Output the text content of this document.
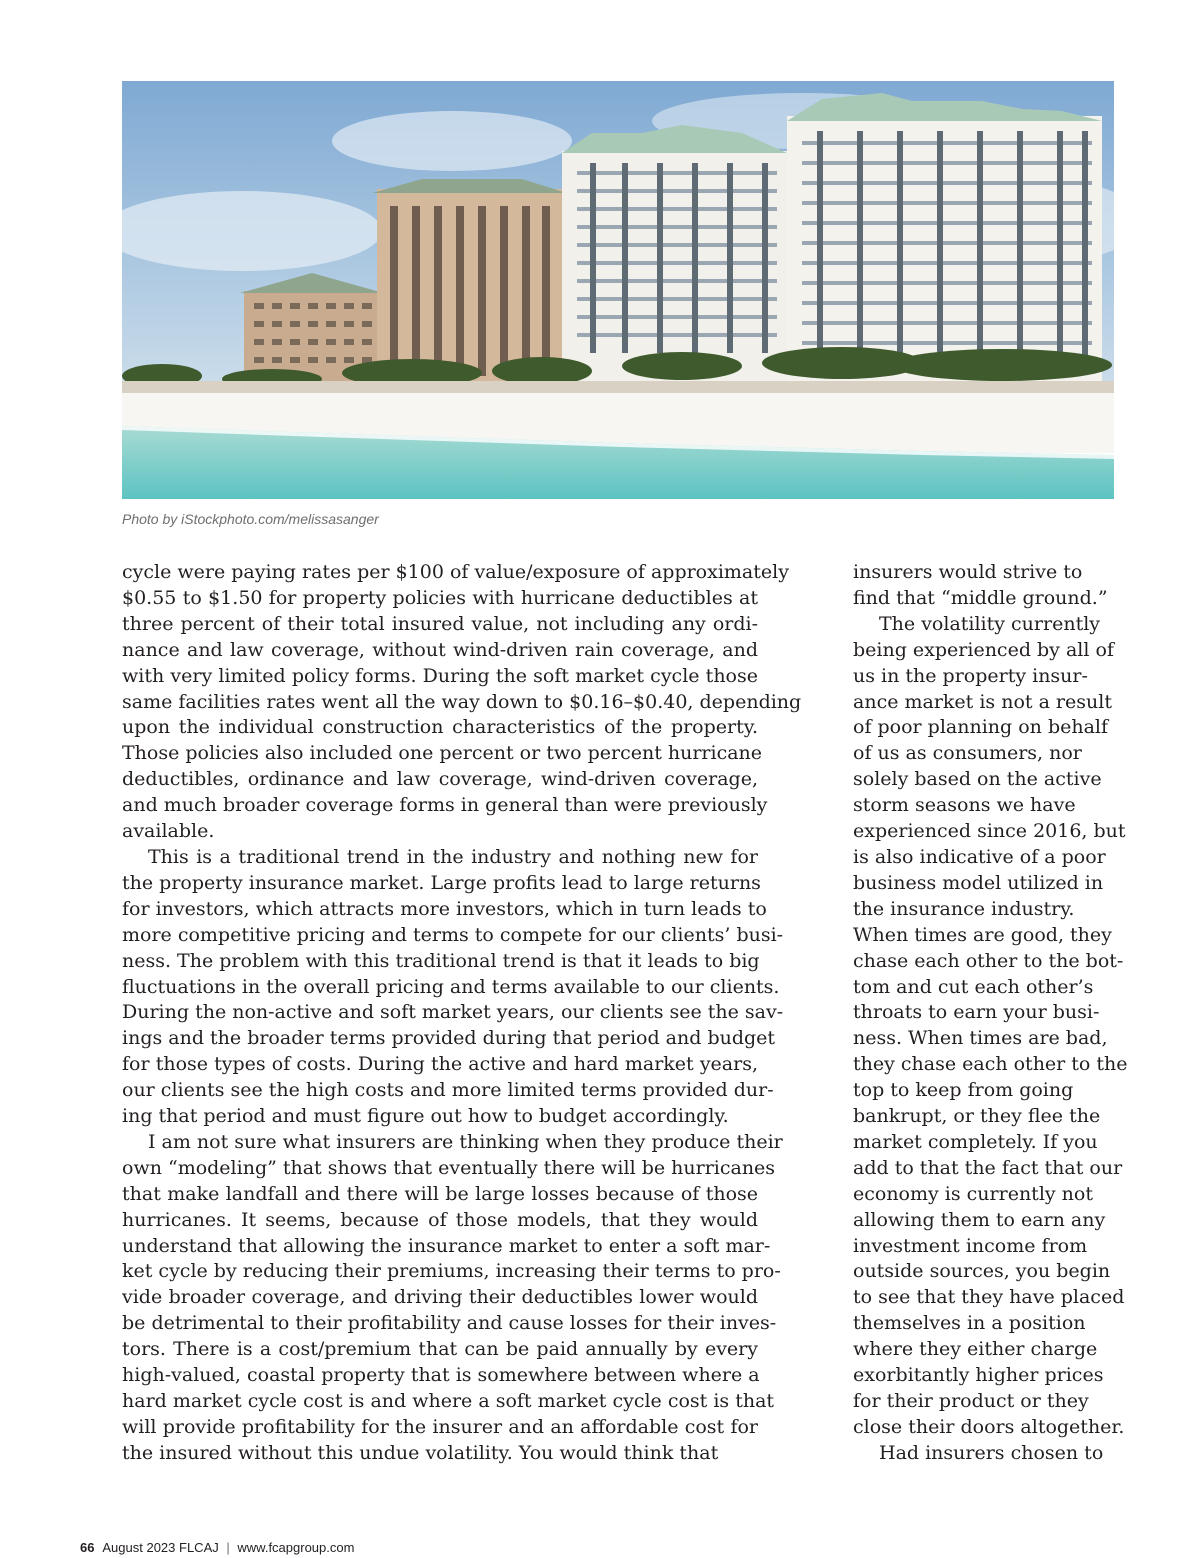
Photo by iStockphoto.com/melissasanger

cycle were paying rates per $100 of value/exposure of approximately
$0.55 to $1.50 for property policies with hurricane deductibles at
three percent of their total insured value, not including any ordi-
nance and law coverage, without wind-driven rain coverage, and
with very limited policy forms. During the soft market cycle those
same facilities rates went all the way down to $0.16–$0.40, depending
upon the individual construction characteristics of the property.
Those policies also included one percent or two percent hurricane
deductibles, ordinance and law coverage, wind-driven coverage,
and much broader coverage forms in general than were previously
available.

This is a traditional trend in the industry and nothing new for
the property insurance market. Large profits lead to large returns
for investors, which attracts more investors, which in turn leads to
more competitive pricing and terms to compete for our clients’ busi-
ness. The problem with this traditional trend is that it leads to big
fluctuations in the overall pricing and terms available to our clients.
During the non-active and soft market years, our clients see the sav-
ings and the broader terms provided during that period and budget
for those types of costs. During the active and hard market years,
our clients see the high costs and more limited terms provided dur-
ing that period and must figure out how to budget accordingly.

I am not sure what insurers are thinking when they produce their
own “modeling” that shows that eventually there will be hurricanes
that make landfall and there will be large losses because of those
hurricanes. It seems, because of those models, that they would
understand that allowing the insurance market to enter a soft mar-
ket cycle by reducing their premiums, increasing their terms to pro-
vide broader coverage, and driving their deductibles lower would
be detrimental to their profitability and cause losses for their inves-
tors. There is a cost/premium that can be paid annually by every
high-valued, coastal property that is somewhere between where a
hard market cycle cost is and where a soft market cycle cost is that
will provide profitability for the insurer and an affordable cost for
the insured without this undue volatility. You would think that

insurers would strive to
find that “middle ground.”

The volatility currently
being experienced by all of
us in the property insur-
ance market is not a result
of poor planning on behalf
of us as consumers, nor
solely based on the active
storm seasons we have
experienced since 2016, but
is also indicative of a poor
business model utilized in
the insurance industry.
When times are good, they
chase each other to the bot-
tom and cut each other’s
throats to earn your busi-
ness. When times are bad,
they chase each other to the
top to keep from going
bankrupt, or they flee the
market completely. If you
add to that the fact that our
economy is currently not
allowing them to earn any
investment income from
outside sources, you begin
to see that they have placed
themselves in a position
where they either charge
exorbitantly higher prices
for their product or they
close their doors altogether.

Had insurers chosen to

66 August 2023 FLCAJ | www.fcapgroup.com
